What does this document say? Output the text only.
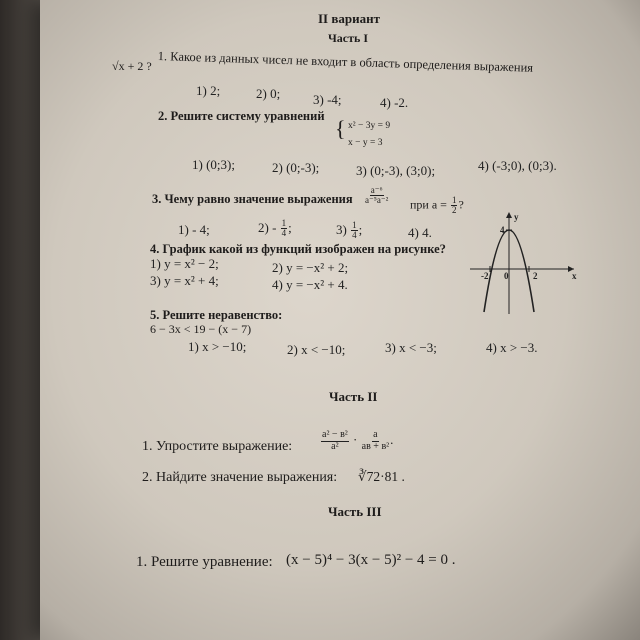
II вариант
Часть I
1. Какое из данных чисел не входит в область определения выражения
√x + 2 ?
1) 2;	2) 0;	3) -4;	4) -2.
2. Решите систему уравнений { x² − 3y = 9
x − y = 3
1) (0;3);	2) (0;-3);	3) (0;-3), (3;0);	4) (-3;0), (0;3).
3. Чему равно значение выражения $\frac{\text{a⁻⁶}}{\text{a⁻⁵a⁻²}}$ при $a = \frac{1}{2}$ ?
1) - 4;	$2) - \frac{1}{4}$ ;	$3) \frac{1}{4}$ ;	4) 4.
4. График какой из функций изображен на рисунке?
1) y = x² − 2;	2) y = −x² + 2;
3) y = x² + 4;	4) y = −x² + 4.
y
x
-2 0	2
4
5. Решите неравенство:
6 − 3x < 19 − (x − 7)
1) x > −10;	2) x < −10;	3) x < −3;	4) x > −3.
Часть II
1. Упростите выражение:	$\frac{\text{a² − в²}}{\text{a²}} \cdot \frac{a}{\text{aв + в²}}$ .
2. Найдите значение выражения: ∛72·81 .
Часть III
1. Решите уравнение: (x − 5)⁴ − 3(x − 5)² − 4 = 0 .
